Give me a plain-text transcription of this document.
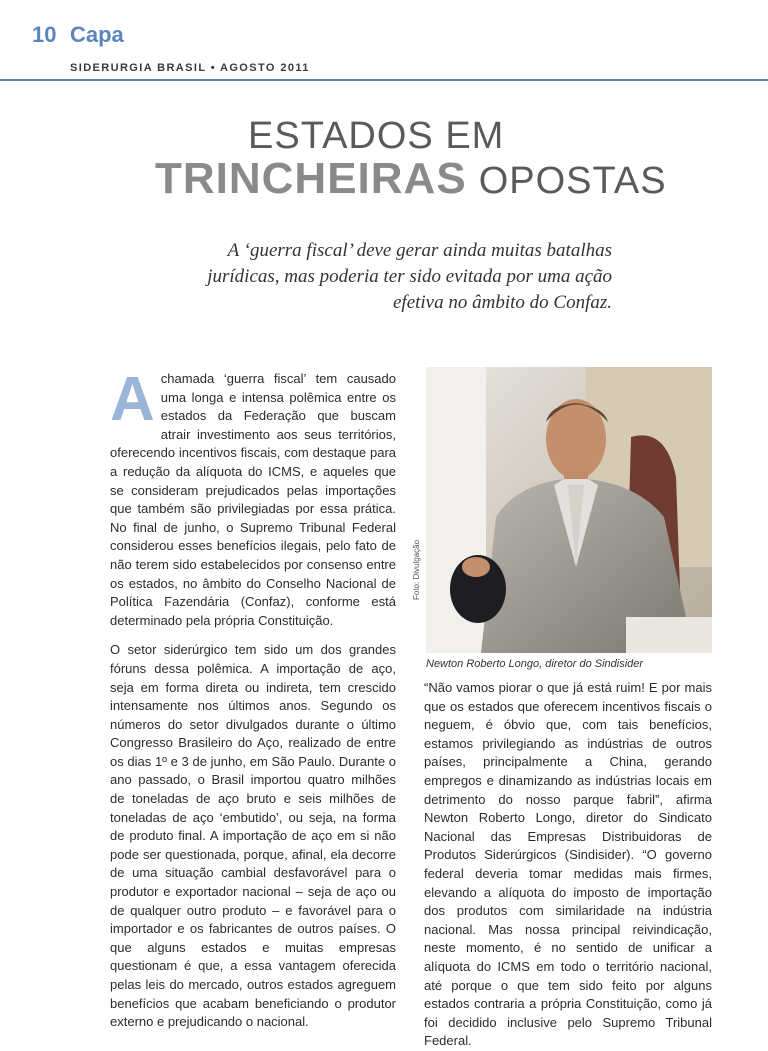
10 Capa
SIDERURGIA BRASIL • AGOSTO 2011
ESTADOS EM
TRINCHEIRAS OPOSTAS
A ‘guerra fiscal’ deve gerar ainda muitas batalhas jurídicas, mas poderia ter sido evitada por uma ação efetiva no âmbito do Confaz.

Achamada ‘guerra fiscal’ tem causado uma longa e intensa polêmica entre os estados da Federação que buscam atrair investimento aos seus territórios, oferecendo incentivos fiscais, com destaque para a redução da alíquota do ICMS, e aqueles que se consideram prejudicados pelas importações que também são privilegiadas por essa prática. No final de junho, o Supremo Tribunal Federal considerou esses benefícios ilegais, pelo fato de não terem sido estabelecidos por consenso entre os estados, no âmbito do Conselho Nacional de Política Fazendária (Confaz), conforme está determinado pela própria Constituição.

O setor siderúrgico tem sido um dos grandes fóruns dessa polêmica. A importação de aço, seja em forma direta ou indireta, tem crescido intensamente nos últimos anos. Segundo os números do setor divulgados durante o último Congresso Brasileiro do Aço, realizado de entre os dias 1º e 3 de junho, em São Paulo. Durante o ano passado, o Brasil importou quatro milhões de toneladas de aço bruto e seis milhões de toneladas de aço ‘embutido’, ou seja, na forma de produto final. A importação de aço em si não pode ser questionada, porque, afinal, ela decorre de uma situação cambial desfavorável para o produtor e exportador nacional – seja de aço ou de qualquer outro produto – e favorável para o importador e os fabricantes de outros países. O que alguns estados e muitas empresas questionam é que, a essa vantagem oferecida pelas leis do mercado, outros estados agreguem benefícios que acabam beneficiando o produtor externo e prejudicando o nacional.

Foto: Divulgação
Newton Roberto Longo, diretor do Sindisider

“Não vamos piorar o que já está ruim! E por mais que os estados que oferecem incentivos fiscais o neguem, é óbvio que, com tais benefícios, estamos privilegiando as indústrias de outros países, principalmente a China, gerando empregos e dinamizando as indústrias locais em detrimento do nosso parque fabril”, afirma Newton Roberto Longo, diretor do Sindicato Nacional das Empresas Distribuidoras de Produtos Siderúrgicos (Sindisider). “O governo federal deveria tomar medidas mais firmes, elevando a alíquota do imposto de importação dos produtos com similaridade na indústria nacional. Mas nossa principal reivindicação, neste momento, é no sentido de unificar a alíquota do ICMS em todo o território nacional, até porque o que tem sido feito por alguns estados contraria a própria Constituição, como já foi decidido inclusive pelo Supremo Tribunal Federal.
